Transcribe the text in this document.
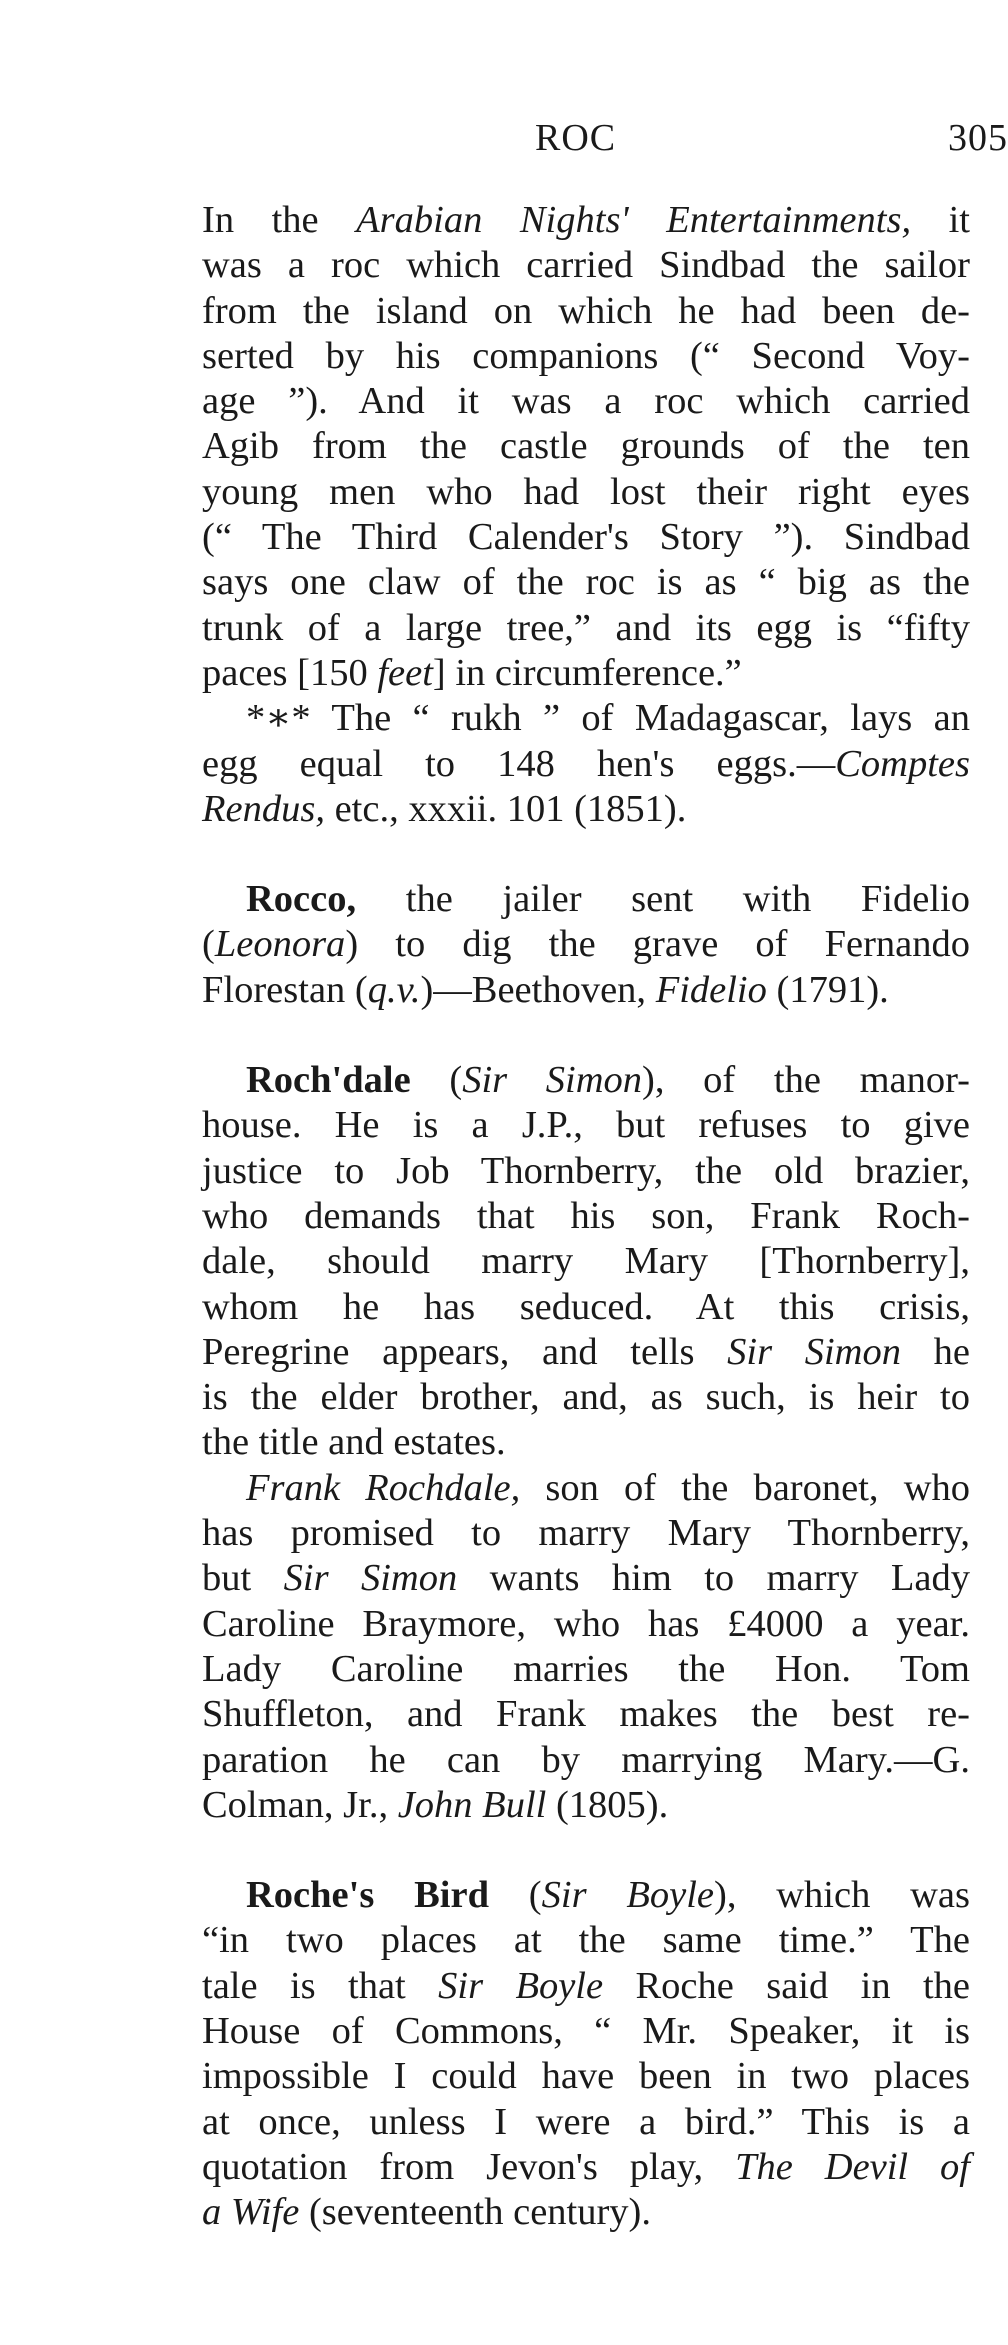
ROC	305
In the Arabian Nights' Entertainments, it
was a roc which carried Sindbad the sailor
from the island on which he had been de-
serted by his companions (“ Second Voy-
age ”). And it was a roc which carried
Agib from the castle grounds of the ten
young men who had lost their right eyes
(“ The Third Calender's Story ”). Sindbad
says one claw of the roc is as “ big as the
trunk of a large tree,” and its egg is “fifty
paces [150 feet] in circumference.”
*∗* The “ rukh ” of Madagascar, lays an
egg equal to 148 hen's eggs.—Comptes
Rendus, etc., xxxii. 101 (1851).
Rocco, the jailer sent with Fidelio
(Leonora) to dig the grave of Fernando
Florestan (q.v.)—Beethoven, Fidelio (1791).
Roch'dale (Sir Simon), of the manor-
house. He is a J.P., but refuses to give
justice to Job Thornberry, the old brazier,
who demands that his son, Frank Roch-
dale, should marry Mary [Thornberry],
whom he has seduced. At this crisis,
Peregrine appears, and tells Sir Simon he
is the elder brother, and, as such, is heir to
the title and estates.
Frank Rochdale, son of the baronet, who
has promised to marry Mary Thornberry,
but Sir Simon wants him to marry Lady
Caroline Braymore, who has £4000 a year.
Lady Caroline marries the Hon. Tom
Shuffleton, and Frank makes the best re-
paration he can by marrying Mary.—G.
Colman, Jr., John Bull (1805).
Roche's Bird (Sir Boyle), which was
“in two places at the same time.” The
tale is that Sir Boyle Roche said in the
House of Commons, “ Mr. Speaker, it is
impossible I could have been in two places
at once, unless I were a bird.” This is a
quotation from Jevon's play, The Devil of
a Wife (seventeenth century).
